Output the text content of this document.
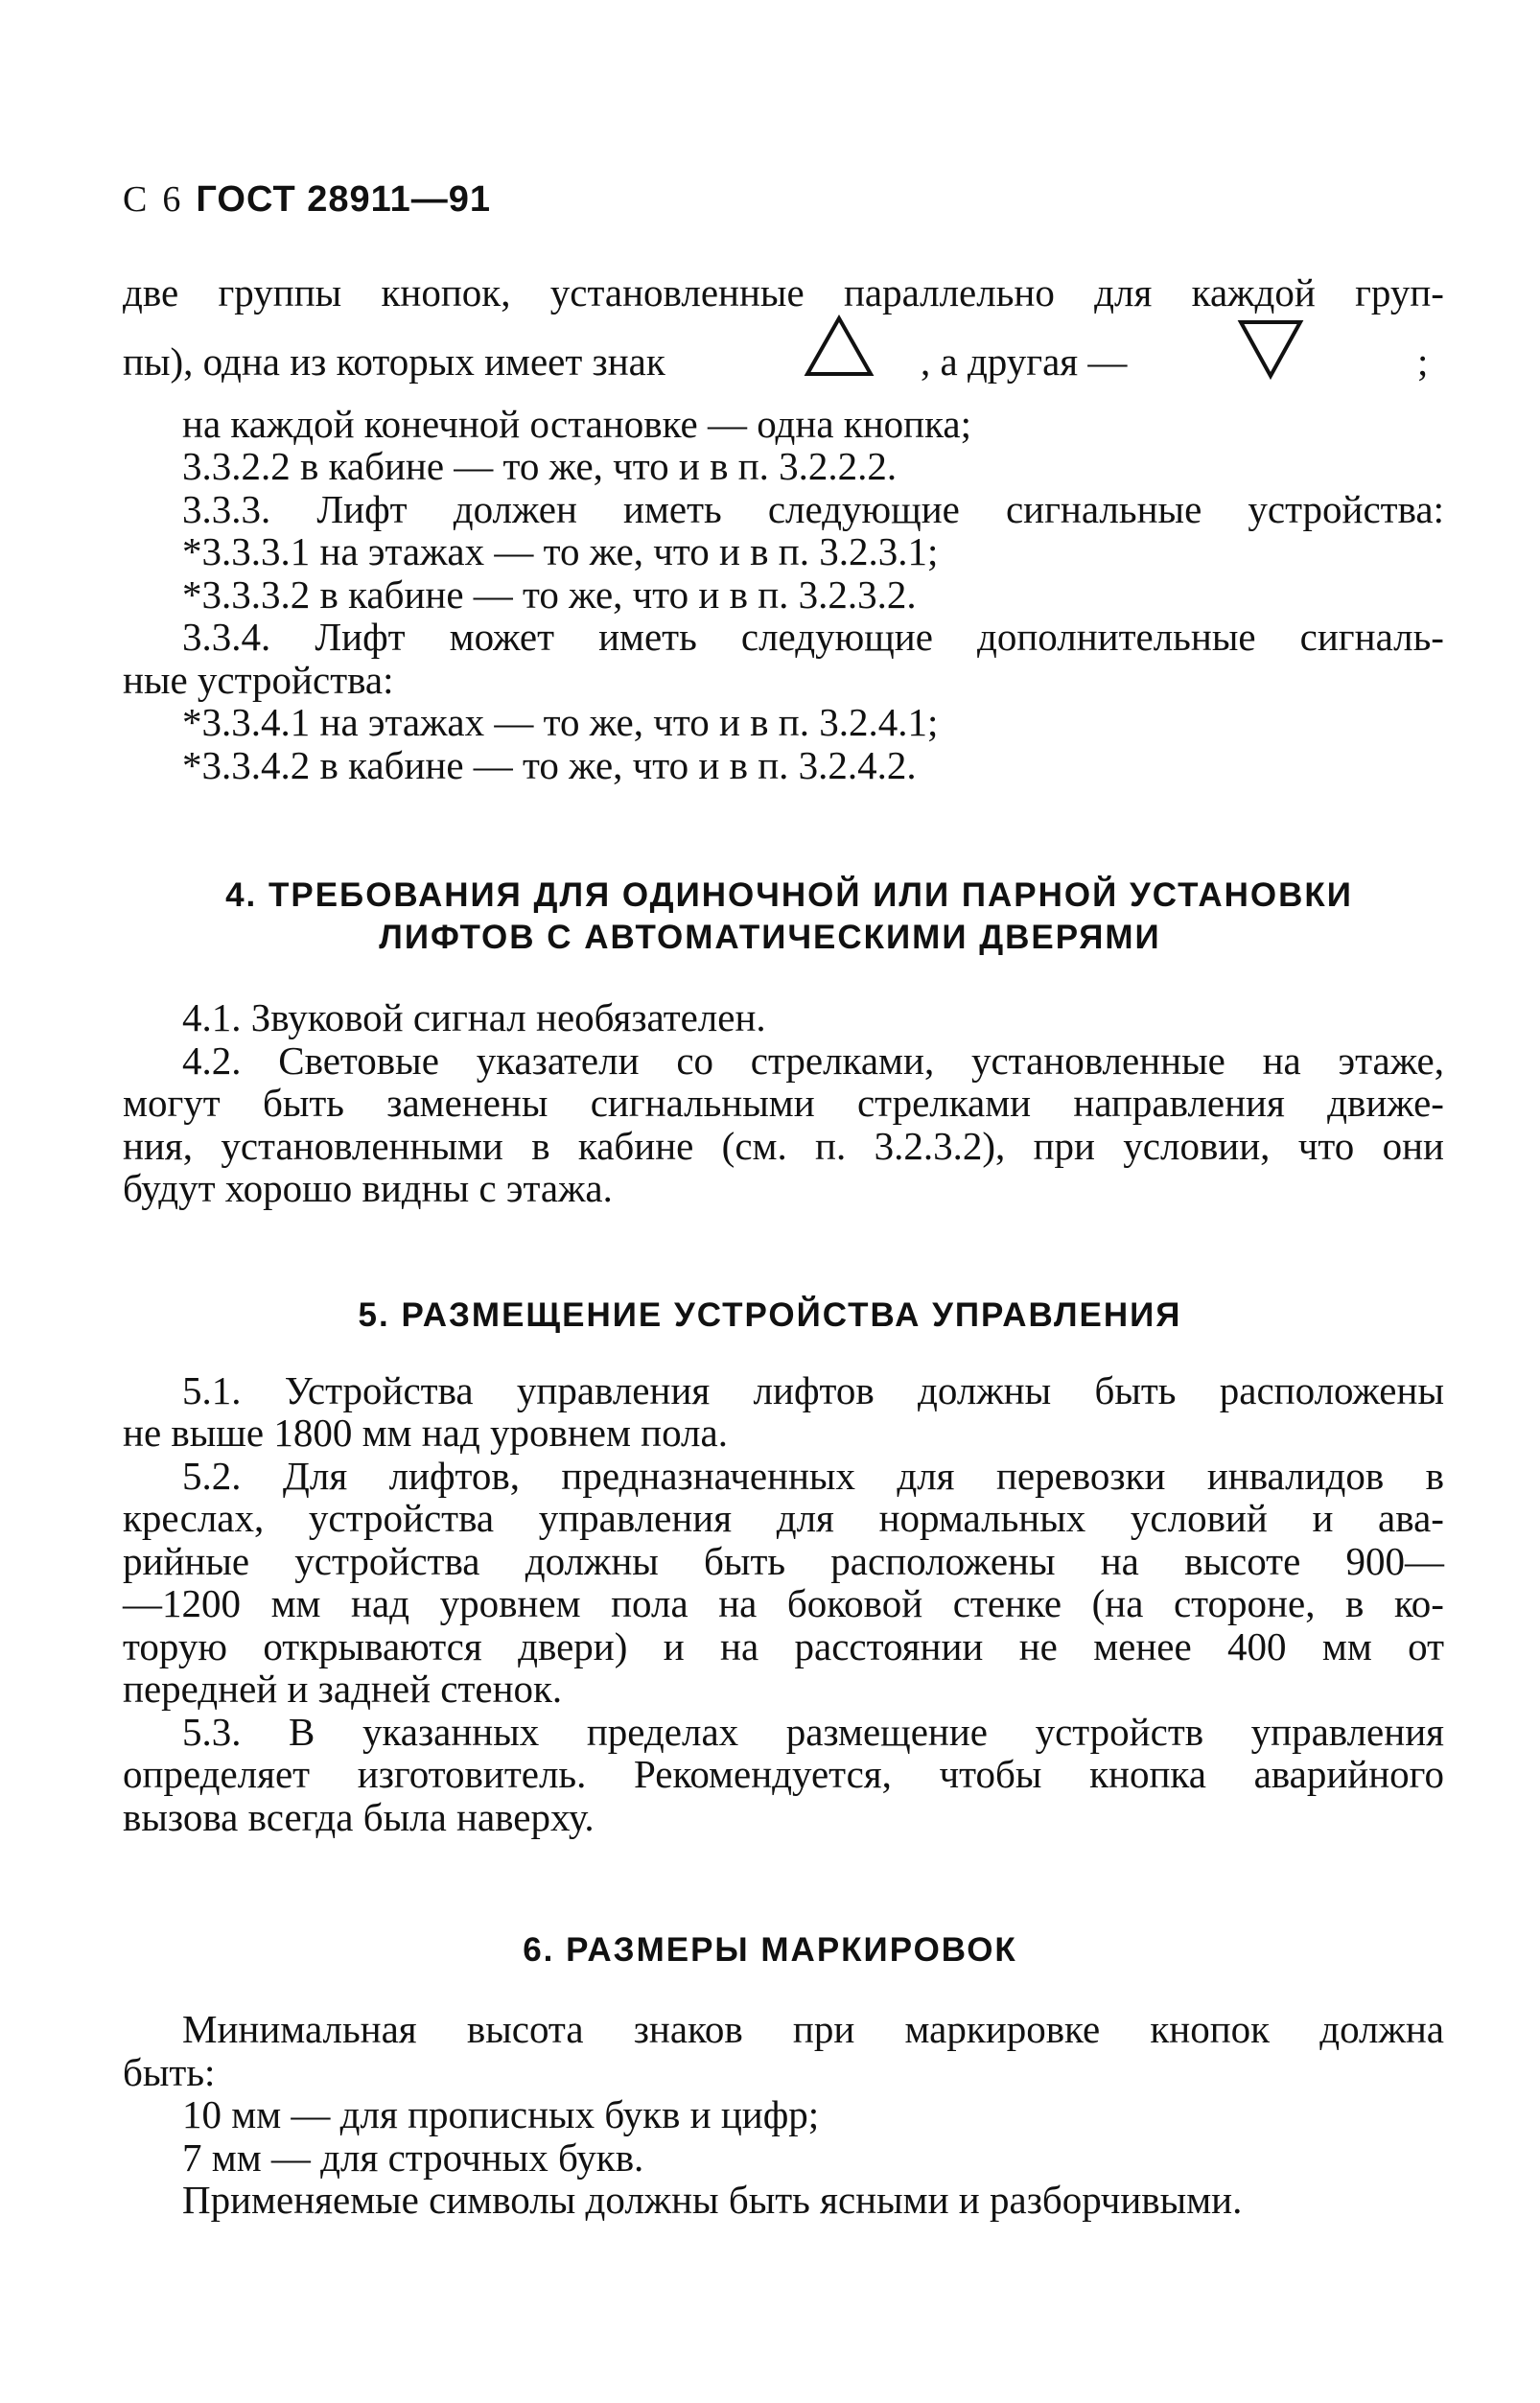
С 6 ГОСТ 28911—91
две группы кнопок, установленные параллельно для каждой груп-
пы), одна из которых имеет знак	, а другая —	;
на каждой конечной остановке — одна кнопка;
3.3.2.2 в кабине — то же, что и в п. 3.2.2.2.
3.3.3. Лифт должен иметь следующие сигнальные устройства:
*3.3.3.1 на этажах — то же, что и в п. 3.2.3.1;
*3.3.3.2 в кабине — то же, что и в п. 3.2.3.2.
3.3.4. Лифт может иметь следующие дополнительные сигналь-
ные устройства:
*3.3.4.1 на этажах — то же, что и в п. 3.2.4.1;
*3.3.4.2 в кабине — то же, что и в п. 3.2.4.2.
4. ТРЕБОВАНИЯ ДЛЯ ОДИНОЧНОЙ ИЛИ ПАРНОЙ УСТАНОВКИ
ЛИФТОВ С АВТОМАТИЧЕСКИМИ ДВЕРЯМИ
4.1. Звуковой сигнал необязателен.
4.2. Световые указатели со стрелками, установленные на этаже,
могут быть заменены сигнальными стрелками направления движе-
ния, установленными в кабине (см. п. 3.2.3.2), при условии, что они
будут хорошо видны с этажа.
5. РАЗМЕЩЕНИЕ УСТРОЙСТВА УПРАВЛЕНИЯ
5.1. Устройства управления лифтов должны быть расположены
не выше 1800 мм над уровнем пола.
5.2. Для лифтов, предназначенных для перевозки инвалидов в
креслах, устройства управления для нормальных условий и ава-
рийные устройства должны быть расположены на высоте 900—
—1200 мм над уровнем пола на боковой стенке (на стороне, в ко-
торую открываются двери) и на расстоянии не менее 400 мм от
передней и задней стенок.
5.3. В указанных пределах размещение устройств управления
определяет изготовитель. Рекомендуется, чтобы кнопка аварийного
вызова всегда была наверху.
6. РАЗМЕРЫ МАРКИРОВОК
Минимальная высота знаков при маркировке кнопок должна
быть:
10 мм — для прописных букв и цифр;
7 мм — для строчных букв.
Применяемые символы должны быть ясными и разборчивыми.
